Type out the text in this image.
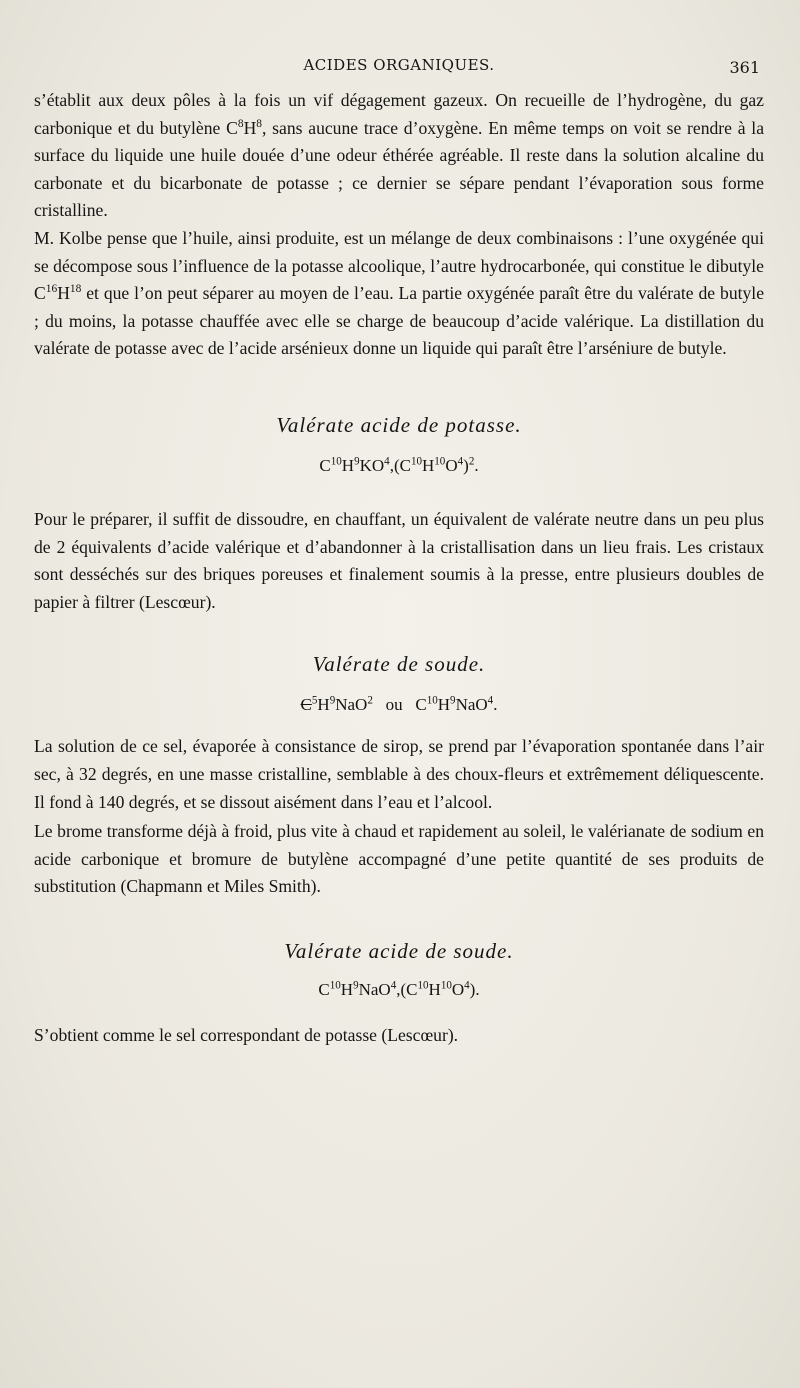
ACIDES ORGANIQUES.	361

s’établit aux deux pôles à la fois un vif dégagement gazeux. On recueille de l’hydrogène, du gaz carbonique et du butylène $C^8H^8$, sans aucune trace d’oxygène. En même temps on voit se rendre à la surface du liquide une huile douée d’une odeur éthérée agréable. Il reste dans la solution alcaline du carbonate et du bicarbonate de potasse ; ce dernier se sépare pendant l’évaporation sous forme cristalline.

M. Kolbe pense que l’huile, ainsi produite, est un mélange de deux combinaisons : l’une oxygénée qui se décompose sous l’influence de la potasse alcoolique, l’autre hydrocarbonée, qui constitue le dibutyle $C^{16}H^{18}$ et que l’on peut séparer au moyen de l’eau. La partie oxygénée paraît être du valérate de butyle ; du moins, la potasse chauffée avec elle se charge de beaucoup d’acide valérique. La distillation du valérate de potasse avec de l’acide arsénieux donne un liquide qui paraît être l’arséniure de butyle.

Valérate acide de potasse.
$C^{10}H^9KO^4,(C^{10}H^{10}O^4)^2$.

Pour le préparer, il suffit de dissoudre, en chauffant, un équivalent de valérate neutre dans un peu plus de 2 équivalents d’acide valérique et d’abandonner à la cristallisation dans un lieu frais. Les cristaux sont desséchés sur des briques poreuses et finalement soumis à la presse, entre plusieurs doubles de papier à filtrer (Lescœur).

Valérate de soude.
$C^5H^9NaO^2$ ou $C^{10}H^9NaO^4$.

La solution de ce sel, évaporée à consistance de sirop, se prend par l’évaporation spontanée dans l’air sec, à 32 degrés, en une masse cristalline, semblable à des choux-fleurs et extrêmement déliquescente. Il fond à 140 degrés, et se dissout aisément dans l’eau et l’alcool.

Le brome transforme déjà à froid, plus vite à chaud et rapidement au soleil, le valérianate de sodium en acide carbonique et bromure de butylène accompagné d’une petite quantité de ses produits de substitution (Chapmann et Miles Smith).

Valérate acide de soude.
$C^{10}H^9NaO^4,(C^{10}H^{10}O^4)$.

S’obtient comme le sel correspondant de potasse (Lescœur).
